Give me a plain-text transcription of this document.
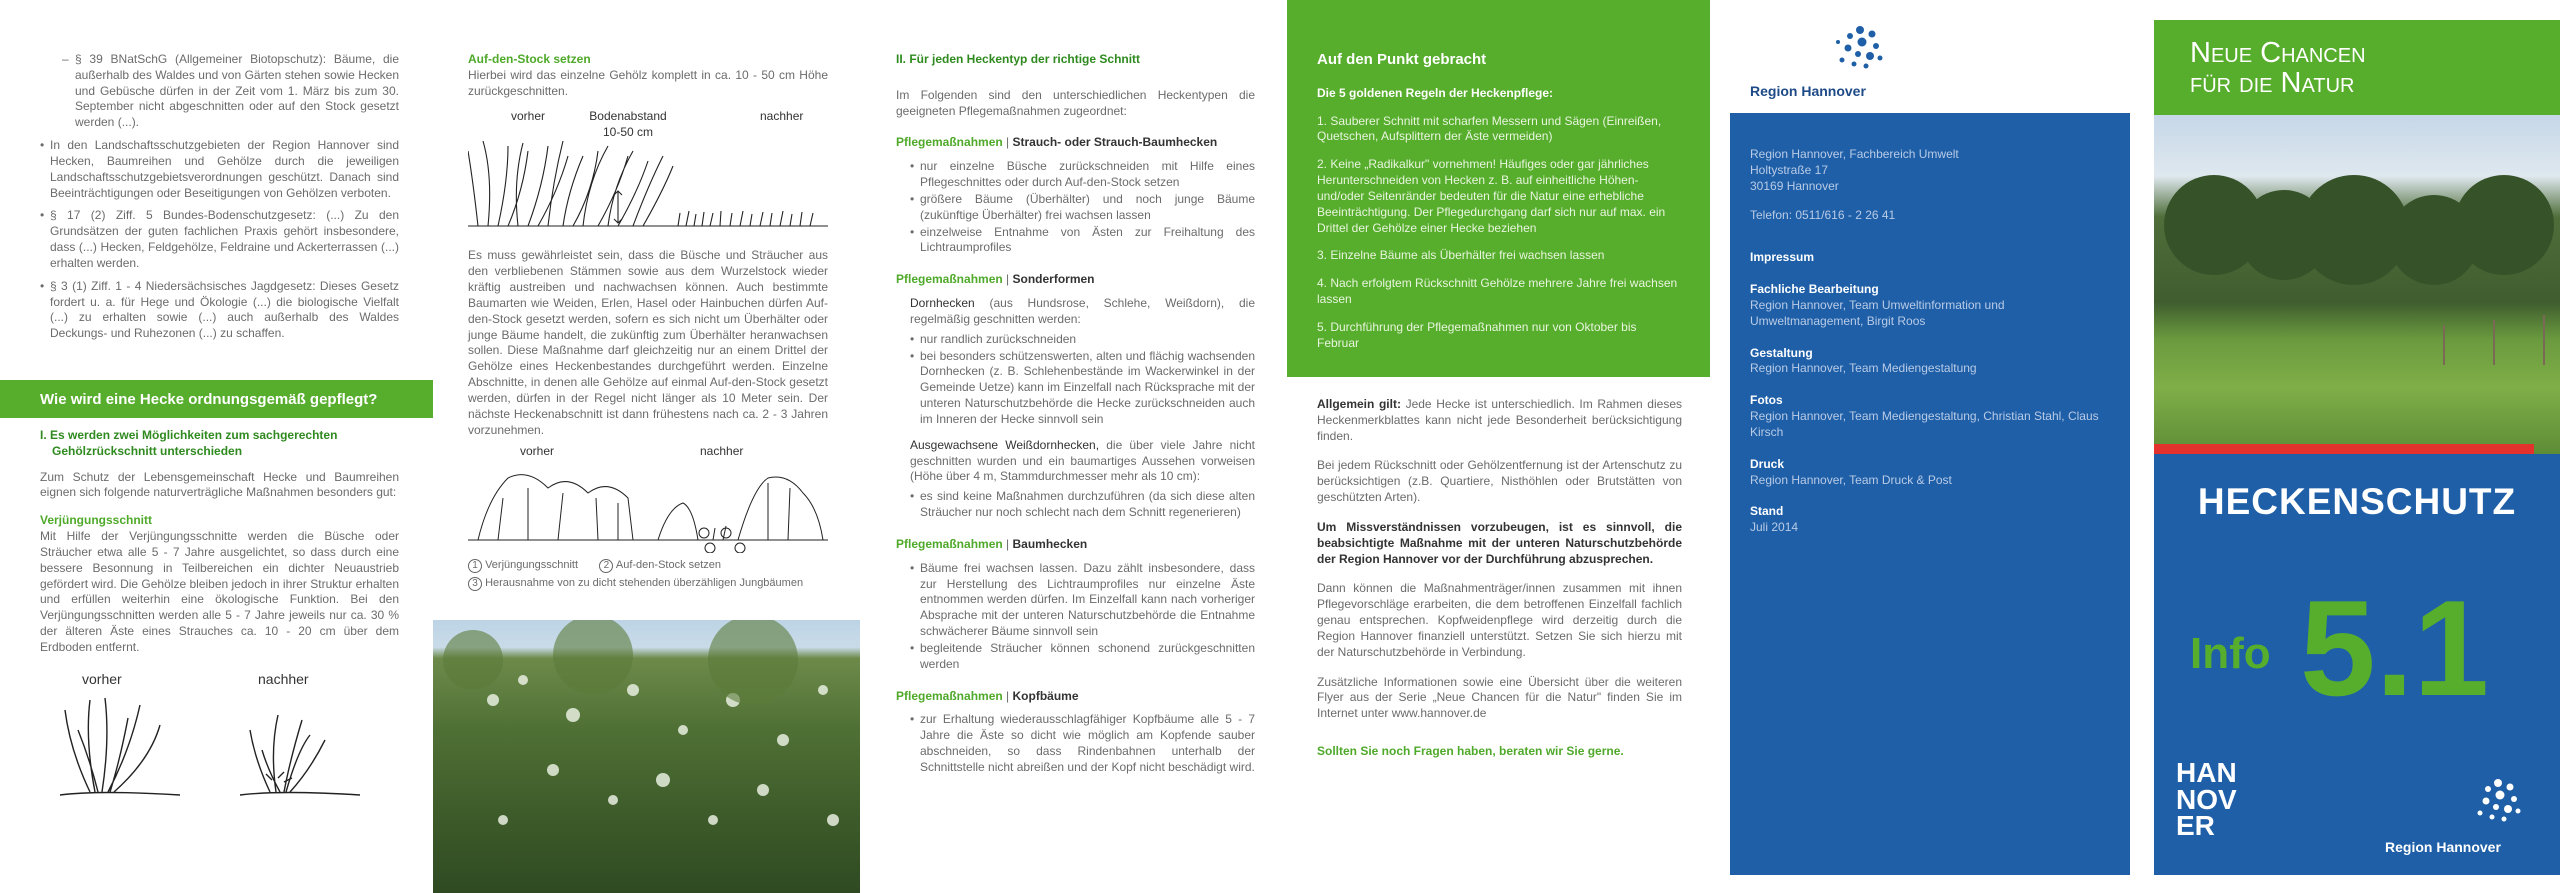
– § 39 BNatSchG (Allgemeiner Biotopschutz): Bäume, die außerhalb des Waldes und von Gärten stehen sowie Hecken und Gebüsche dürfen in der Zeit vom 1. März bis zum 30. September nicht abgeschnitten oder auf den Stock gesetzt werden (...).
• In den Landschaftsschutzgebieten der Region Hannover sind Hecken, Baumreihen und Gehölze durch die jeweiligen Landschaftsschutzgebietsverordnungen geschützt. Danach sind Beeinträchtigungen oder Beseitigungen von Gehölzen verboten.
• § 17 (2) Ziff. 5 Bundes-Bodenschutzgesetz: (...) Zu den Grundsätzen der guten fachlichen Praxis gehört insbesondere, dass (...) Hecken, Feldgehölze, Feldraine und Ackerterrassen (...) erhalten werden.
• § 3 (1) Ziff. 1 - 4 Niedersächsisches Jagdgesetz: Dieses Gesetz fordert u. a. für Hege und Ökologie (...) die biologische Vielfalt (...) zu erhalten sowie (...) auch außerhalb des Waldes Deckungs- und Ruhezonen (...) zu schaffen.
Wie wird eine Hecke ordnungsgemäß gepflegt?
I. Es werden zwei Möglichkeiten zum sachgerechten Gehölzrückschnitt unterschieden

Zum Schutz der Lebensgemeinschaft Hecke und Baumreihen eignen sich folgende naturverträgliche Maßnahmen besonders gut:

Verjüngungsschnitt

Mit Hilfe der Verjüngungsschnitte werden die Büsche oder Sträucher etwa alle 5 - 7 Jahre ausgelichtet, so dass durch eine bessere Besonnung in Teilbereichen ein dichter Neuaustrieb gefördert wird. Die Gehölze bleiben jedoch in ihrer Struktur erhalten und erfüllen weiterhin eine ökologische Funktion. Bei den Verjüngungsschnitten werden alle 5 - 7 Jahre jeweils nur ca. 30 % der älteren Äste eines Strauches ca. 10 - 20 cm über dem Erdboden entfernt.

vorher	nachher
Auf-den-Stock setzen

Hierbei wird das einzelne Gehölz komplett in ca. 10 - 50 cm Höhe zurückgeschnitten.

vorher	Bodenabstand 10-50 cm
nachher

Es muss gewährleistet sein, dass die Büsche und Sträucher aus den verbliebenen Stämmen sowie aus dem Wurzelstock wieder kräftig austreiben und nachwachsen können. Auch bestimmte Baumarten wie Weiden, Erlen, Hasel oder Hainbuchen dürfen Auf-den-Stock gesetzt werden, sofern es sich nicht um Überhälter oder junge Bäume handelt, die zukünftig zum Überhälter heranwachsen sollen. Diese Maßnahme darf gleichzeitig nur an einem Drittel der Gehölze eines Heckenbestandes durchgeführt werden. Einzelne Abschnitte, in denen alle Gehölze auf einmal Auf-den-Stock gesetzt werden, dürfen in der Regel nicht länger als 10 Meter sein. Der nächste Heckenabschnitt ist dann frühestens nach ca. 2 - 3 Jahren vorzunehmen.

vorher	nachher
1 Verjüngungsschnitt	2 Auf-den-Stock setzen
3 Herausnahme von zu dicht stehenden überzähligen Jungbäumen
II. Für jeden Heckentyp der richtige Schnitt

Im Folgenden sind den unterschiedlichen Heckentypen die geeigneten Pflegemaßnahmen zugeordnet:

Pflegemaßnahmen | Strauch- oder Strauch-Baumhecken
• nur einzelne Büsche zurückschneiden mit Hilfe eines Pflegeschnittes oder durch Auf-den-Stock setzen
• größere Bäume (Überhälter) und noch junge Bäume (zukünftige Überhälter) frei wachsen lassen
• einzelweise Entnahme von Ästen zur Freihaltung des Lichtraumprofiles
Pflegemaßnahmen | Sonderformen

Dornhecken (aus Hundsrose, Schlehe, Weißdorn), die regelmäßig geschnitten werden:

• nur randlich zurückschneiden
• bei besonders schützenswerten, alten und flächig wachsenden Dornhecken (z. B. Schlehenbestände im Wackerwinkel in der Gemeinde Uetze) kann im Einzelfall nach Rücksprache mit der unteren Naturschutzbehörde die Hecke zurückschneiden auch im Inneren der Hecke sinnvoll sein

Ausgewachsene Weißdornhecken, die über viele Jahre nicht geschnitten wurden und ein baumartiges Aussehen vorweisen (Höhe über 4 m, Stammdurchmesser mehr als 10 cm):

• es sind keine Maßnahmen durchzuführen (da sich diese alten Sträucher nur noch schlecht nach dem Schnitt regenerieren)
Pflegemaßnahmen | Baumhecken
• Bäume frei wachsen lassen. Dazu zählt insbesondere, dass zur Herstellung des Lichtraumprofiles nur einzelne Äste entnommen werden dürfen. Im Einzelfall kann nach vorheriger Absprache mit der unteren Naturschutzbehörde die Entnahme schwächerer Bäume sinnvoll sein
• begleitende Sträucher können schonend zurückgeschnitten werden
Pflegemaßnahmen | Kopfbäume
• zur Erhaltung wiederausschlagfähiger Kopfbäume alle 5 - 7 Jahre die Äste so dicht wie möglich am Kopfende sauber abschneiden, so dass Rindenbahnen unterhalb der Schnittstelle nicht abreißen und der Kopf nicht beschädigt wird.
Auf den Punkt gebracht
Die 5 goldenen Regeln der Heckenpflege:
1. Sauberer Schnitt mit scharfen Messern und Sägen (Einreißen, Quetschen, Aufsplittern der Äste vermeiden)
2. Keine „Radikalkur" vornehmen! Häufiges oder gar jährliches Herunterschneiden von Hecken z. B. auf einheitliche Höhen- und/oder Seitenränder bedeuten für die Natur eine erhebliche Beeinträchtigung. Der Pflegedurchgang darf sich nur auf max. ein Drittel der Gehölze einer Hecke beziehen
3. Einzelne Bäume als Überhälter frei wachsen lassen
4. Nach erfolgtem Rückschnitt Gehölze mehrere Jahre frei wachsen lassen
5. Durchführung der Pflegemaßnahmen nur von Oktober bis Februar

Allgemein gilt: Jede Hecke ist unterschiedlich. Im Rahmen dieses Heckenmerkblattes kann nicht jede Besonderheit berücksichtigung finden.

Bei jedem Rückschnitt oder Gehölzentfernung ist der Artenschutz zu berücksichtigen (z.B. Quartiere, Nisthöhlen oder Brutstätten von geschützten Arten).

Um Missverständnissen vorzubeugen, ist es sinnvoll, die beabsichtigte Maßnahme mit der unteren Naturschutzbehörde der Region Hannover vor der Durchführung abzusprechen.

Dann können die Maßnahmenträger/innen zusammen mit ihnen Pflegevorschläge erarbeiten, die dem betroffenen Einzelfall fachlich genau entsprechen. Kopfweidenpflege wird derzeitig durch die Region Hannover finanziell unterstützt. Setzen Sie sich hierzu mit der Naturschutzbehörde in Verbindung.

Zusätzliche Informationen sowie eine Übersicht über die weiteren Flyer aus der Serie „Neue Chancen für die Natur" finden Sie im Internet unter www.hannover.de

Sollten Sie noch Fragen haben, beraten wir Sie gerne.

Region Hannover
Region Hannover, Fachbereich Umwelt
Holtystraße 17
30169 Hannover
Telefon: 0511/616 - 2 26 41
Impressum
Fachliche Bearbeitung
Region Hannover, Team Umweltinformation und Umweltmanagement, Birgit Roos
Gestaltung
Region Hannover, Team Mediengestaltung
Fotos
Region Hannover, Team Mediengestaltung, Christian Stahl, Claus Kirsch
Druck
Region Hannover, Team Druck & Post
Stand
Juli 2014
Neue Chancen
für die Natur
HECKENSCHUTZ
Info 5.1
HAN
NOV
ER
Region Hannover
